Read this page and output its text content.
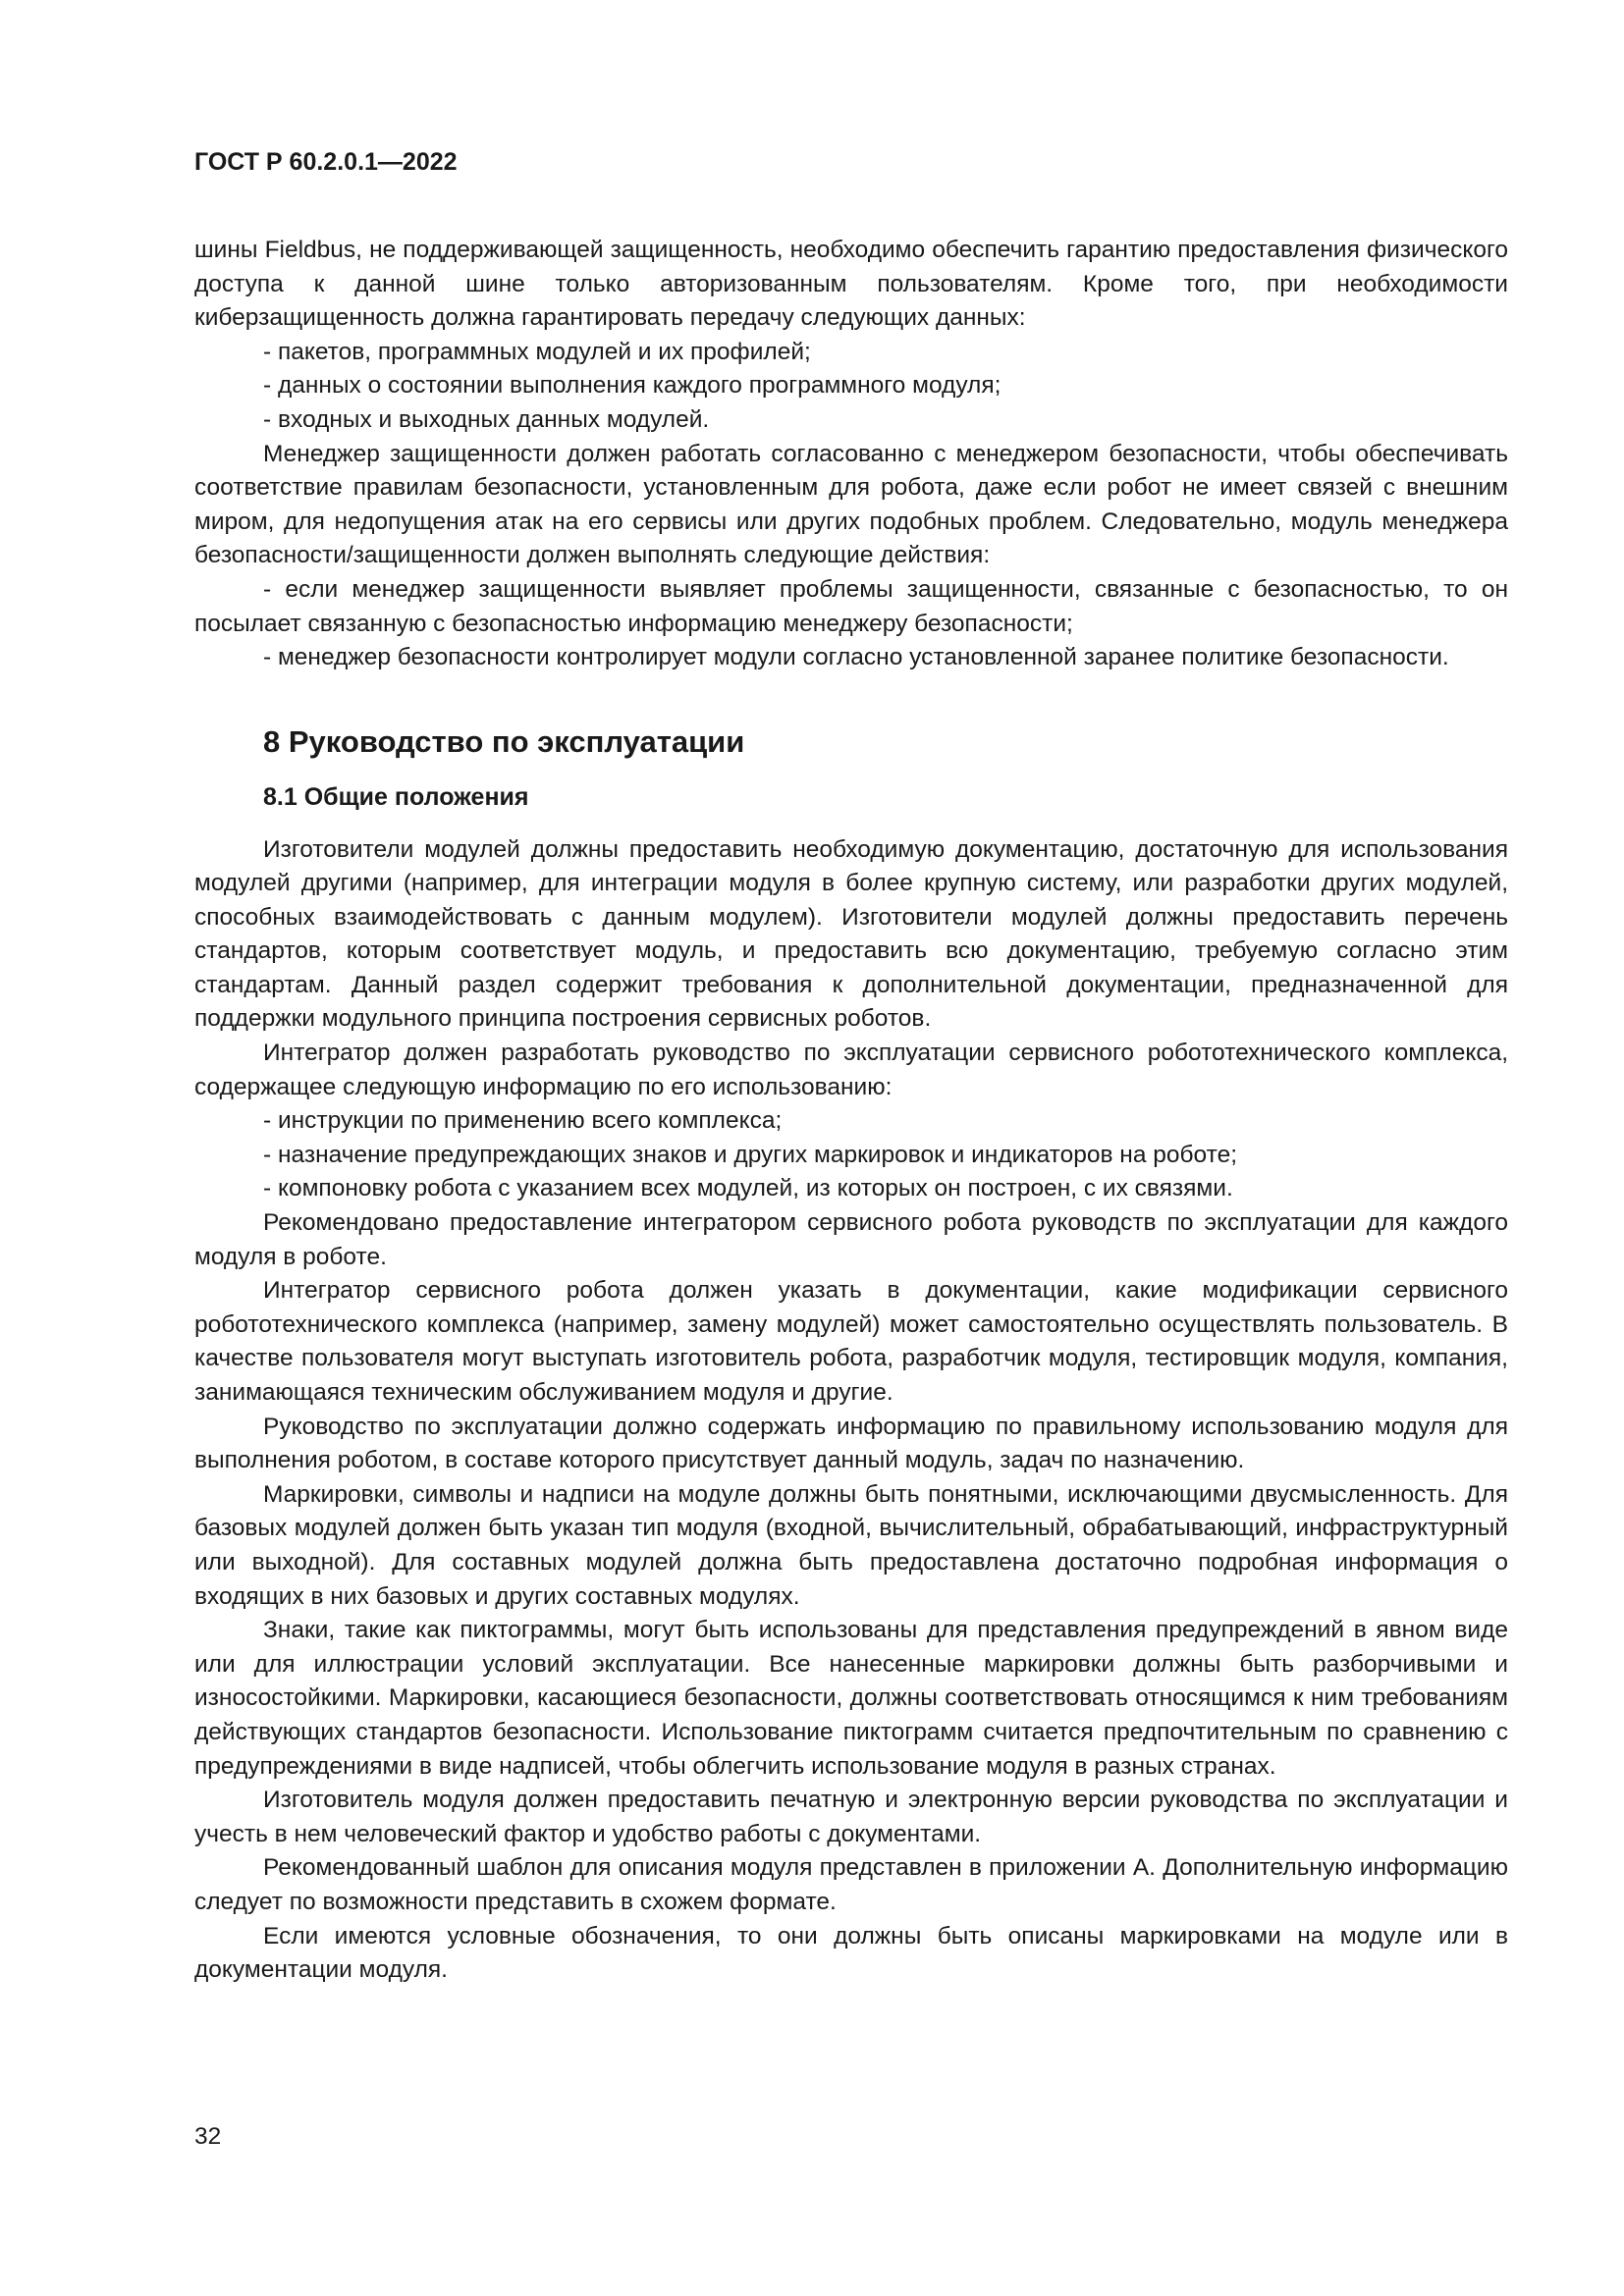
ГОСТ Р 60.2.0.1—2022

шины Fieldbus, не поддерживающей защищенность, необходимо обеспечить гарантию предоставления физического доступа к данной шине только авторизованным пользователям. Кроме того, при необходимости киберзащищенность должна гарантировать передачу следующих данных:

- пакетов, программных модулей и их профилей;

- данных о состоянии выполнения каждого программного модуля;

- входных и выходных данных модулей.

Менеджер защищенности должен работать согласованно с менеджером безопасности, чтобы обеспечивать соответствие правилам безопасности, установленным для робота, даже если робот не имеет связей с внешним миром, для недопущения атак на его сервисы или других подобных проблем. Следовательно, модуль менеджера безопасности/защищенности должен выполнять следующие действия:

- если менеджер защищенности выявляет проблемы защищенности, связанные с безопасностью, то он посылает связанную с безопасностью информацию менеджеру безопасности;

- менеджер безопасности контролирует модули согласно установленной заранее политике безопасности.

8 Руководство по эксплуатации
8.1 Общие положения

Изготовители модулей должны предоставить необходимую документацию, достаточную для использования модулей другими (например, для интеграции модуля в более крупную систему, или разработки других модулей, способных взаимодействовать с данным модулем). Изготовители модулей должны предоставить перечень стандартов, которым соответствует модуль, и предоставить всю документацию, требуемую согласно этим стандартам. Данный раздел содержит требования к дополнительной документации, предназначенной для поддержки модульного принципа построения сервисных роботов.

Интегратор должен разработать руководство по эксплуатации сервисного робототехнического комплекса, содержащее следующую информацию по его использованию:

- инструкции по применению всего комплекса;

- назначение предупреждающих знаков и других маркировок и индикаторов на роботе;

- компоновку робота с указанием всех модулей, из которых он построен, с их связями.

Рекомендовано предоставление интегратором сервисного робота руководств по эксплуатации для каждого модуля в роботе.

Интегратор сервисного робота должен указать в документации, какие модификации сервисного робототехнического комплекса (например, замену модулей) может самостоятельно осуществлять пользователь. В качестве пользователя могут выступать изготовитель робота, разработчик модуля, тестировщик модуля, компания, занимающаяся техническим обслуживанием модуля и другие.

Руководство по эксплуатации должно содержать информацию по правильному использованию модуля для выполнения роботом, в составе которого присутствует данный модуль, задач по назначению.

Маркировки, символы и надписи на модуле должны быть понятными, исключающими двусмысленность. Для базовых модулей должен быть указан тип модуля (входной, вычислительный, обрабатывающий, инфраструктурный или выходной). Для составных модулей должна быть предоставлена достаточно подробная информация о входящих в них базовых и других составных модулях.

Знаки, такие как пиктограммы, могут быть использованы для представления предупреждений в явном виде или для иллюстрации условий эксплуатации. Все нанесенные маркировки должны быть разборчивыми и износостойкими. Маркировки, касающиеся безопасности, должны соответствовать относящимся к ним требованиям действующих стандартов безопасности. Использование пиктограмм считается предпочтительным по сравнению с предупреждениями в виде надписей, чтобы облегчить использование модуля в разных странах.

Изготовитель модуля должен предоставить печатную и электронную версии руководства по эксплуатации и учесть в нем человеческий фактор и удобство работы с документами.

Рекомендованный шаблон для описания модуля представлен в приложении А. Дополнительную информацию следует по возможности представить в схожем формате.

Если имеются условные обозначения, то они должны быть описаны маркировками на модуле или в документации модуля.

32
